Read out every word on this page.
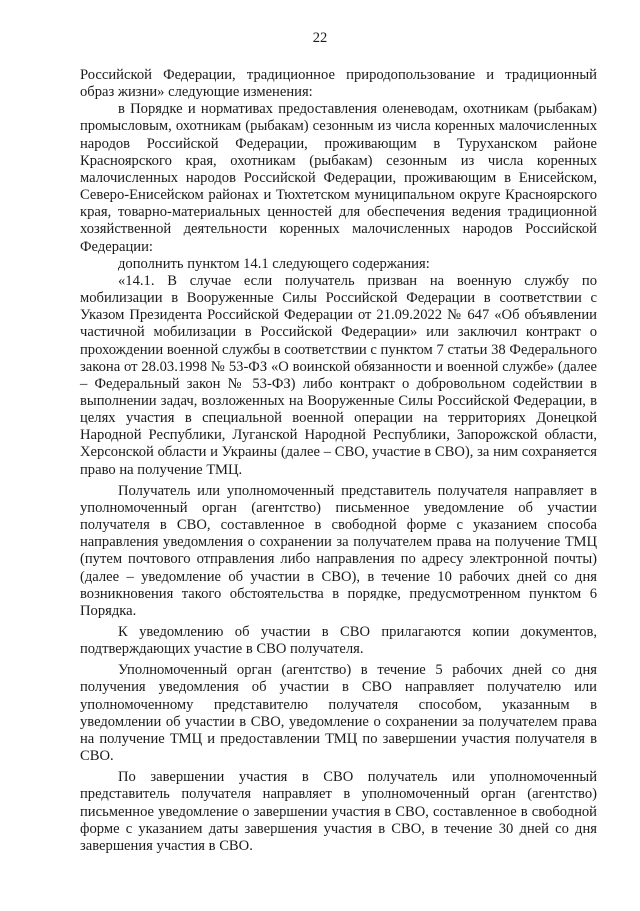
22

Российской Федерации, традиционное природопользование и традиционный образ жизни» следующие изменения:

в Порядке и нормативах предоставления оленеводам, охотникам (рыбакам) промысловым, охотникам (рыбакам) сезонным из числа коренных малочисленных народов Российской Федерации, проживающим в Туруханском районе Красноярского края, охотникам (рыбакам) сезонным из числа коренных малочисленных народов Российской Федерации, проживающим в Енисейском, Северо-Енисейском районах и Тюхтетском муниципальном округе Красноярского края, товарно-материальных ценностей для обеспечения ведения традиционной хозяйственной деятельности коренных малочисленных народов Российской Федерации:

дополнить пунктом 14.1 следующего содержания:

«14.1. В случае если получатель призван на военную службу по мобилизации в Вооруженные Силы Российской Федерации в соответствии с Указом Президента Российской Федерации от 21.09.2022 № 647 «Об объявлении частичной мобилизации в Российской Федерации» или заключил контракт о прохождении военной службы в соответствии с пунктом 7 статьи 38 Федерального закона от 28.03.1998 № 53-ФЗ «О воинской обязанности и военной службе» (далее – Федеральный закон № 53-ФЗ) либо контракт о добровольном содействии в выполнении задач, возложенных на Вооруженные Силы Российской Федерации, в целях участия в специальной военной операции на территориях Донецкой Народной Республики, Луганской Народной Республики, Запорожской области, Херсонской области и Украины (далее – СВО, участие в СВО), за ним сохраняется право на получение ТМЦ.

Получатель или уполномоченный представитель получателя направляет в уполномоченный орган (агентство) письменное уведомление об участии получателя в СВО, составленное в свободной форме с указанием способа направления уведомления о сохранении за получателем права на получение ТМЦ (путем почтового отправления либо направления по адресу электронной почты) (далее – уведомление об участии в СВО), в течение 10 рабочих дней со дня возникновения такого обстоятельства в порядке, предусмотренном пунктом 6 Порядка.

К уведомлению об участии в СВО прилагаются копии документов, подтверждающих участие в СВО получателя.

Уполномоченный орган (агентство) в течение 5 рабочих дней со дня получения уведомления об участии в СВО направляет получателю или уполномоченному представителю получателя способом, указанным в уведомлении об участии в СВО, уведомление о сохранении за получателем права на получение ТМЦ и предоставлении ТМЦ по завершении участия получателя в СВО.

По завершении участия в СВО получатель или уполномоченный представитель получателя направляет в уполномоченный орган (агентство) письменное уведомление о завершении участия в СВО, составленное в свободной форме с указанием даты завершения участия в СВО, в течение 30 дней со дня завершения участия в СВО.
